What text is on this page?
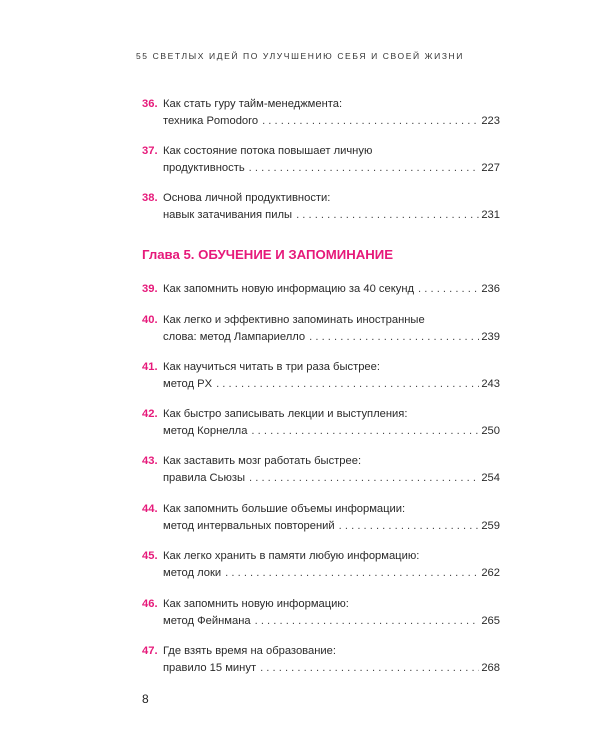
55 СВЕТЛЫХ ИДЕЙ ПО УЛУЧШЕНИЮ СЕБЯ И СВОЕЙ ЖИЗНИ
36. Как стать гуру тайм-менеджмента:
техника Pomodoro . . .	223
37. Как состояние потока повышает личную
продуктивность . . .	227
38. Основа личной продуктивности:
навык затачивания пилы . . .	231
Глава 5. ОБУЧЕНИЕ И ЗАПОМИНАНИЕ
39. Как запомнить новую информацию за 40 секунд . . .	236
40. Как легко и эффективно запоминать иностранные
слова: метод Лампариелло . . .	239
41. Как научиться читать в три раза быстрее:
метод PX . . .	243
42. Как быстро записывать лекции и выступления:
метод Корнелла . . .	250
43. Как заставить мозг работать быстрее:
правила Сьюзы . . .	254
44. Как запомнить большие объемы информации:
метод интервальных повторений . . .	259
45. Как легко хранить в памяти любую информацию:
метод локи . . .	262
46. Как запомнить новую информацию:
метод Фейнмана . . .	265
47. Где взять время на образование:
правило 15 минут . . .	268
8
